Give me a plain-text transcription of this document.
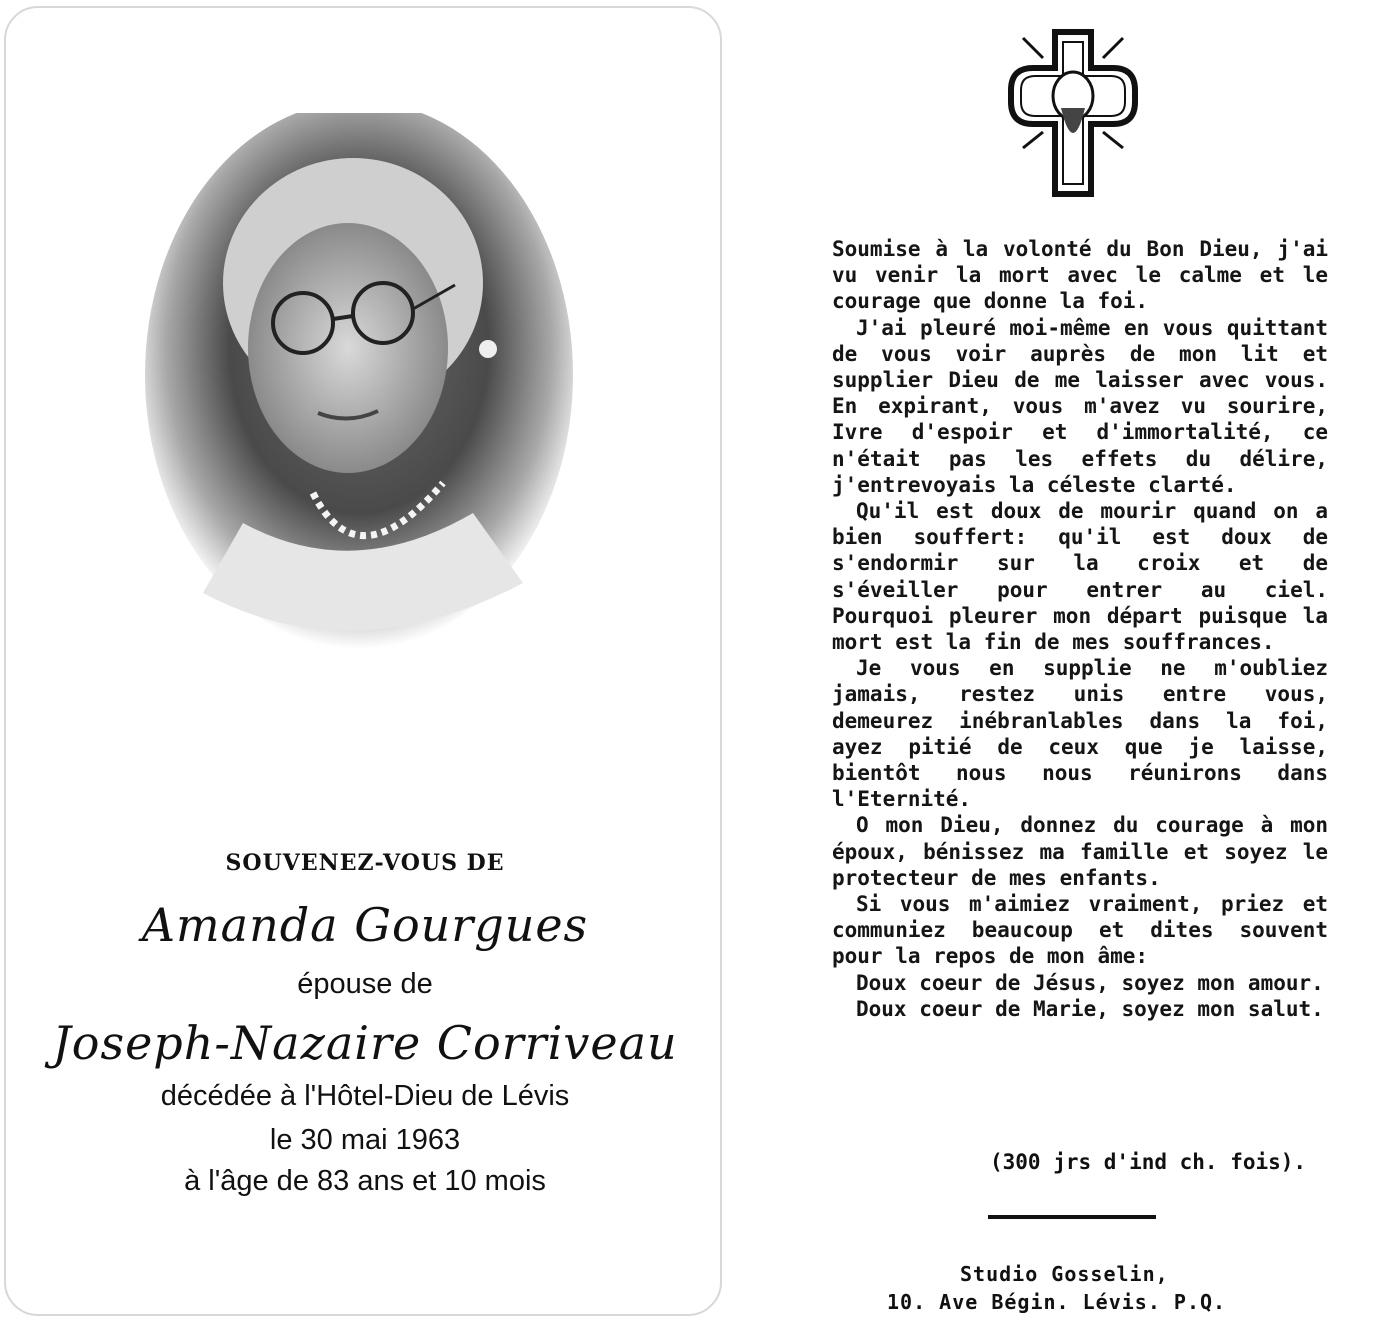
SOUVENEZ-VOUS DE
Amanda Gourgues
épouse de
Joseph-Nazaire Corriveau
décédée à l'Hôtel-Dieu de Lévis
le 30 mai 1963
à l'âge de 83 ans et 10 mois

Soumise à la volonté du Bon Dieu, j'ai vu venir la mort avec le calme et le courage que donne la foi.

J'ai pleuré moi-même en vous quittant de vous voir auprès de mon lit et supplier Dieu de me laisser avec vous. En expirant, vous m'avez vu sourire, Ivre d'espoir et d'immortalité, ce n'était pas les effets du délire, j'entrevoyais la céleste clarté.

Qu'il est doux de mourir quand on a bien souffert: qu'il est doux de s'endormir sur la croix et de s'éveiller pour entrer au ciel. Pourquoi pleurer mon départ puisque la mort est la fin de mes souffrances.

Je vous en supplie ne m'oubliez jamais, restez unis entre vous, demeurez inébranlables dans la foi, ayez pitié de ceux que je laisse, bientôt nous nous réunirons dans l'Eternité.

O mon Dieu, donnez du courage à mon époux, bénissez ma famille et soyez le protecteur de mes enfants.

Si vous m'aimiez vraiment, priez et communiez beaucoup et dites souvent pour la repos de mon âme:

Doux coeur de Jésus, soyez mon amour.

Doux coeur de Marie, soyez mon salut.

(300 jrs d'ind ch. fois).
Studio Gosselin,
10. Ave Bégin. Lévis. P.Q.
